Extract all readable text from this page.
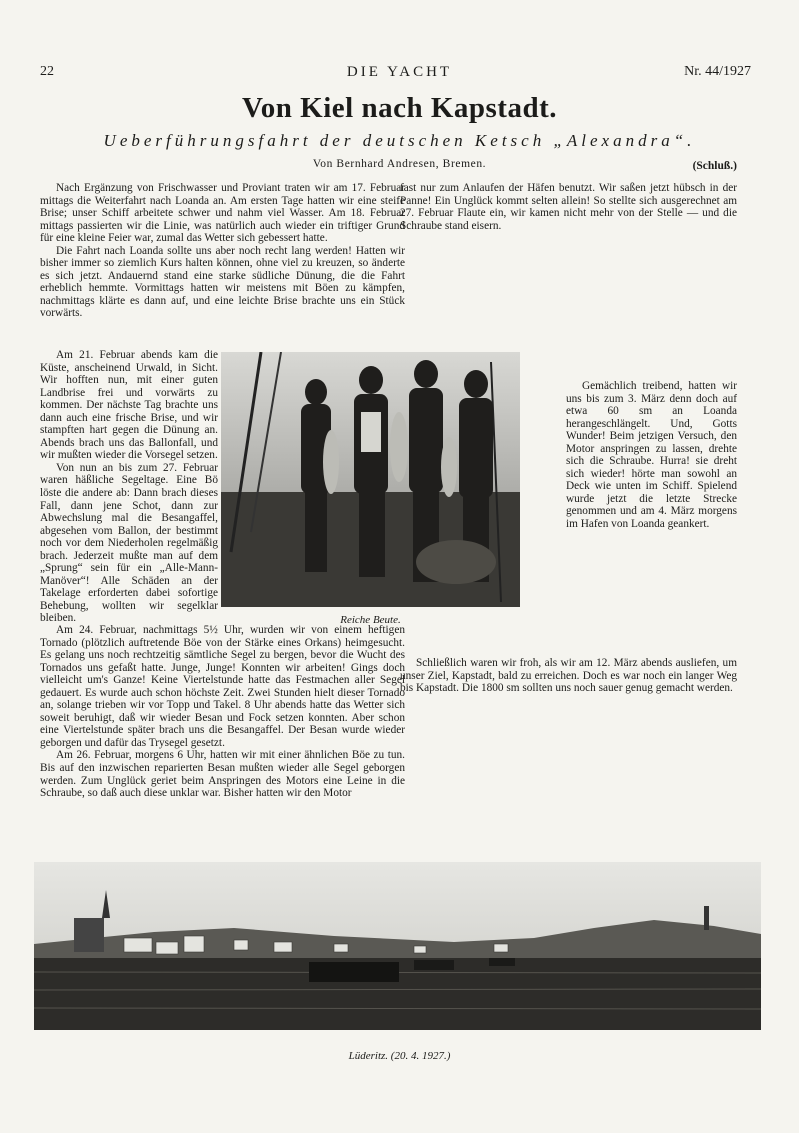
22	DIE YACHT	Nr. 44/1927
Von Kiel nach Kapstadt.
Ueberführungsfahrt der deutschen Ketsch „Alexandra“.
Von Bernhard Andresen, Bremen.	(Schluß.)

Nach Ergänzung von Frischwasser und Proviant traten wir am 17. Februar mittags die Weiterfahrt nach Loanda an. Am ersten Tage hatten wir eine steife Brise; unser Schiff arbeitete schwer und nahm viel Wasser. Am 18. Februar mittags passierten wir die Linie, was natürlich auch wieder ein triftiger Grund für eine kleine Feier war, zumal das Wetter sich gebessert hatte.

Die Fahrt nach Loanda sollte uns aber noch recht lang werden! Hatten wir bisher immer so ziemlich Kurs halten können, ohne viel zu kreuzen, so änderte es sich jetzt. Andauernd stand eine starke südliche Dünung, die die Fahrt erheblich hemmte. Vormittags hatten wir meistens mit Böen zu kämpfen, nachmittags klärte es dann auf, und eine leichte Brise brachte uns ein Stück vorwärts.

Am 21. Februar abends kam die Küste, anscheinend Urwald, in Sicht. Wir hofften nun, mit einer guten Landbrise frei und vorwärts zu kommen. Der nächste Tag brachte uns dann auch eine frische Brise, und wir stampften hart gegen die Dünung an. Abends brach uns das Ballonfall, und wir mußten wieder die Vorsegel setzen.

Von nun an bis zum 27. Februar waren häßliche Segeltage. Eine Bö löste die andere ab: Dann brach dieses Fall, dann jene Schot, dann zur Abwechslung mal die Besangaffel, abgesehen vom Ballon, der bestimmt noch vor dem Niederholen regelmäßig brach. Jederzeit mußte man auf dem „Sprung“ sein für ein „Alle-Mann-Manöver“! Alle Schäden an der Takelage erforderten dabei sofortige Behebung, wollten wir segelklar bleiben.

Am 24. Februar, nachmittags 5½ Uhr, wurden wir von einem heftigen Tornado (plötzlich auftretende Böe von der Stärke eines Orkans) heimgesucht. Es gelang uns noch rechtzeitig sämtliche Segel zu bergen, bevor die Wucht des Tornados uns gefaßt hatte. Junge, Junge! Konnten wir arbeiten! Gings doch vielleicht um's Ganze! Keine Viertelstunde hatte das Festmachen aller Segel gedauert. Es wurde auch schon höchste Zeit. Zwei Stunden hielt dieser Tornado an, solange trieben wir vor Topp und Takel. 8 Uhr abends hatte das Wetter sich soweit beruhigt, daß wir wieder Besan und Fock setzen konnten. Aber schon eine Viertelstunde später brach uns die Besangaffel. Der Besan wurde wieder geborgen und dafür das Trysegel gesetzt.

Am 26. Februar, morgens 6 Uhr, hatten wir mit einer ähnlichen Böe zu tun. Bis auf den inzwischen reparierten Besan mußten wieder alle Segel geborgen werden. Zum Unglück geriet beim Anspringen des Motors eine Leine in die Schraube, so daß auch diese unklar war. Bisher hatten wir den Motor

fast nur zum Anlaufen der Häfen benutzt. Wir saßen jetzt hübsch in der Panne! Ein Unglück kommt selten allein! So stellte sich ausgerechnet am 27. Februar Flaute ein, wir kamen nicht mehr von der Stelle — und die Schraube stand eisern.

Gemächlich treibend, hatten wir uns bis zum 3. März denn doch auf etwa 60 sm an Loanda herangeschlängelt. Und, Gotts Wunder! Beim jetzigen Versuch, den Motor anspringen zu lassen, drehte sich die Schraube. Hurra! sie dreht sich wieder! hörte man sowohl an Deck wie unten im Schiff. Spielend wurde jetzt die letzte Strecke genommen und am 4. März morgens im Hafen von Loanda geankert.

Schließlich waren wir froh, als wir am 12. März abends ausliefen, um unser Ziel, Kapstadt, bald zu erreichen. Doch es war noch ein langer Weg bis Kapstadt. Die 1800 sm sollten uns noch sauer genug gemacht werden.

Reiche Beute.
Lüderitz. (20. 4. 1927.)
